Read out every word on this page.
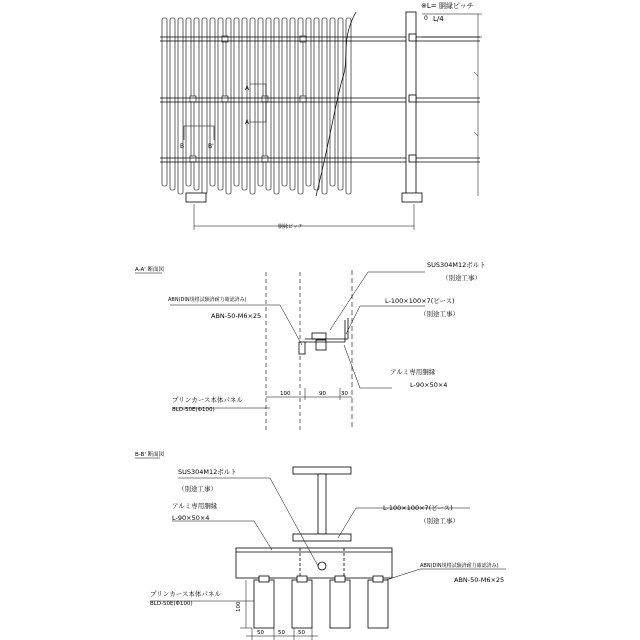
※L= 胴縁ピッチ
0 L/4
A
A'
B	B'
胴縁ピッチ
A-A' 断面図
SUS304M12ボルト
（別途工事）
ABN(DIN規格試験済耐力確認済み)
ABN-50-M6×25
L-100×100×7(ピース)
（別途工事）
アルミ専用胴縁
L-90×50×4
プリンカース本体パネル
BLD-50E(Φ100)
100	90	30
B-B' 断面図
SUS304M12ボルト
（別途工事）
アルミ専用胴縁
L-90×50×4
L-100×100×7(ピース)
（別途工事）
ABN(DIN規格試験済耐力確認済み)
ABN-50-M6×25
プリンカース本体パネル
BLD-50E(Φ100)	100
50	50 50
